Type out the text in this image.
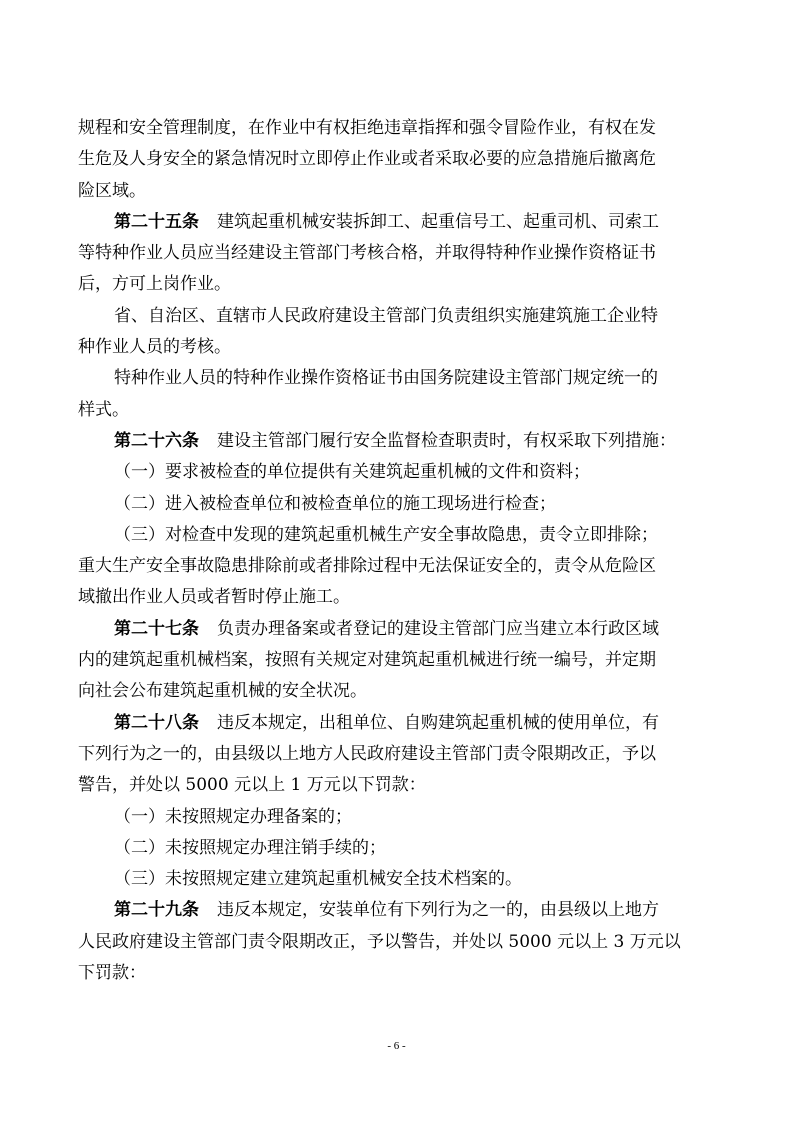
规程和安全管理制度，在作业中有权拒绝违章指挥和强令冒险作业，有权在发
生危及人身安全的紧急情况时立即停止作业或者采取必要的应急措施后撤离危
险区域。
第二十五条 建筑起重机械安装拆卸工、起重信号工、起重司机、司索工
等特种作业人员应当经建设主管部门考核合格，并取得特种作业操作资格证书
后，方可上岗作业。
省、自治区、直辖市人民政府建设主管部门负责组织实施建筑施工企业特
种作业人员的考核。
特种作业人员的特种作业操作资格证书由国务院建设主管部门规定统一的
样式。
第二十六条 建设主管部门履行安全监督检查职责时，有权采取下列措施：
（一）要求被检查的单位提供有关建筑起重机械的文件和资料；
（二）进入被检查单位和被检查单位的施工现场进行检查；
（三）对检查中发现的建筑起重机械生产安全事故隐患，责令立即排除；
重大生产安全事故隐患排除前或者排除过程中无法保证安全的，责令从危险区
域撤出作业人员或者暂时停止施工。
第二十七条 负责办理备案或者登记的建设主管部门应当建立本行政区域
内的建筑起重机械档案，按照有关规定对建筑起重机械进行统一编号，并定期
向社会公布建筑起重机械的安全状况。
第二十八条 违反本规定，出租单位、自购建筑起重机械的使用单位，有
下列行为之一的，由县级以上地方人民政府建设主管部门责令限期改正，予以
警告，并处以 5000 元以上 1 万元以下罚款：
（一）未按照规定办理备案的；
（二）未按照规定办理注销手续的；
（三）未按照规定建立建筑起重机械安全技术档案的。
第二十九条 违反本规定，安装单位有下列行为之一的，由县级以上地方
人民政府建设主管部门责令限期改正，予以警告，并处以 5000 元以上 3 万元以
下罚款：
- 6 -
